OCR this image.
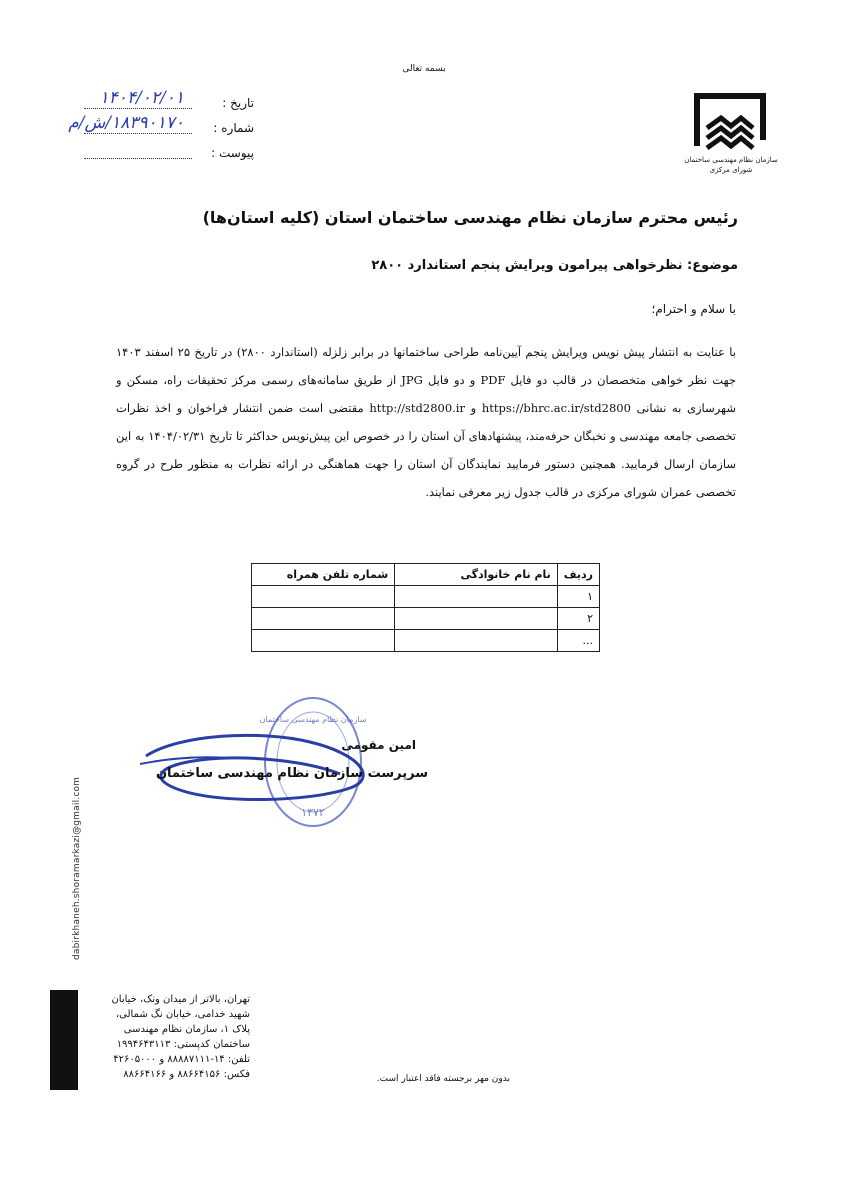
بسمه تعالی
سازمان نظام مهندسی ساختمان
شورای مرکزی
تاریخ :
۱۴۰۴/۰۲/۰۱
شماره :
۱۸۳۹۰۱۷۰/ش/م
پیوست :
رئیس محترم سازمان نظام مهندسی ساختمان استان (کلیه استان‌ها)
موضوع: نظرخواهی پیرامون ویرایش پنجم استاندارد ۲۸۰۰
با سلام و احترام؛
با عنایت به انتشار پیش نویس ویرایش پنجم آیین‌نامه طراحی ساختمانها در برابر زلزله (استاندارد ۲۸۰۰) در تاریخ ۲۵ اسفند ۱۴۰۳ جهت نظر خواهی متخصصان در قالب دو فایل PDF و دو فایل JPG از طریق سامانه‌های رسمی مرکز تحقیقات راه، مسکن و شهرسازی به نشانی https://bhrc.ac.ir/std2800 و http://std2800.ir مقتضی است ضمن انتشار فراخوان و اخذ نظرات تخصصی جامعه مهندسی و نخبگان حرفه‌مند، پیشنهادهای آن استان را در خصوص این پیش‌نویس حداکثر تا تاریخ ۱۴۰۴/۰۲/۳۱ به این سازمان ارسال فرمایید. همچنین دستور فرمایید نمایندگان آن استان را جهت هماهنگی در ارائه نظرات به منظور طرح در گروه تخصصی عمران شورای مرکزی در قالب جدول زیر معرفی نمایند.
ردیف	نام نام خانوادگی	شماره تلفن همراه
۱		
۲		
...		
سازمان نظام مهندسی ساختمان
۱۳۷۲
امین مقومی
سرپرست سازمان نظام مهندسی ساختمان
dabirkhaneh.shoramarkazi@gmail.com
تهران، بالاتر از میدان ونک، خیابان
شهید خدامی، خیابان نگ شمالی،
پلاک ۱، سازمان نظام مهندسی
ساختمان کدپستی: ۱۹۹۴۶۴۳۱۱۳
تلفن: ۱۴-۸۸۸۸۷۱۱۱ و ۴۲۶۰۵۰۰۰
فکس: ۸۸۶۶۴۱۵۶ و ۸۸۶۶۴۱۶۶	بدون مهر برجسته فاقد اعتبار است.
